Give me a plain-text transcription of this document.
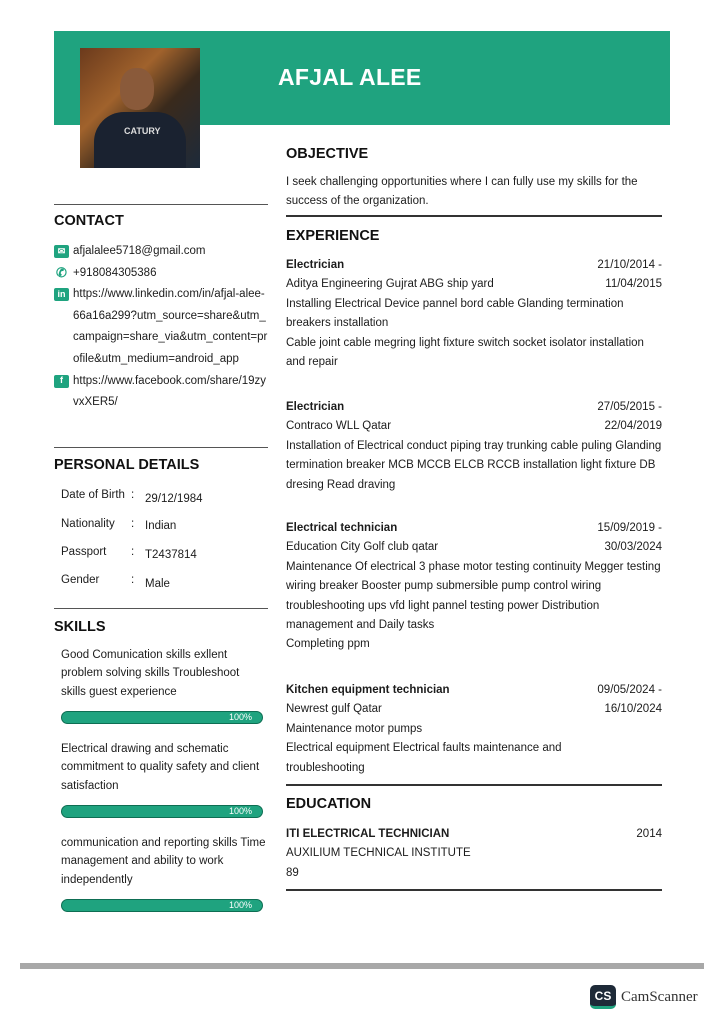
AFJAL ALEE
CATURY
CONTACT
✉ afjalalee5718@gmail.com
✆ +918084305386
in https://www.linkedin.com/in/afjal-alee-66a16a299?utm_source=share&utm_campaign=share_via&utm_content=profile&utm_medium=android_app
f https://www.facebook.com/share/19zyvxXER5/
PERSONAL DETAILS
Date of Birth : 29/12/1984
Nationality	: Indian
Passport	: T2437814
Gender	: Male
SKILLS
Good Comunication skills exllent problem solving skills Troubleshoot skills guest experience
100%
Electrical drawing and schematic commitment to quality safety and client satisfaction
100%
communication and reporting skills Time management and ability to work independently
100%
OBJECTIVE
I seek challenging opportunities where I can fully use my skills for the success of the organization.
EXPERIENCE
Electrician	21/10/2014 -
Aditya Engineering Gujrat ABG ship yard	11/04/2015
Installing Electrical Device pannel bord cable Glanding termination breakers installation
Cable joint cable megring light fixture switch socket isolator installation and repair
Electrician	27/05/2015 -
Contraco WLL Qatar	22/04/2019
Installation of Electrical conduct piping tray trunking cable puling Glanding termination breaker MCB MCCB ELCB RCCB installation light fixture DB dresing Read draving
Electrical technician	15/09/2019 -
Education City Golf club qatar	30/03/2024
Maintenance Of electrical 3 phase motor testing continuity Megger testing wiring breaker Booster pump submersible pump control wiring troubleshooting ups vfd light pannel testing power Distribution management and Daily tasks
Completing ppm
Kitchen equipment technician	09/05/2024 -
Newrest gulf Qatar	16/10/2024
Maintenance motor pumps
Electrical equipment Electrical faults maintenance and troubleshooting
EDUCATION
ITI ELECTRICAL TECHNICIAN	2014
AUXILIUM TECHNICAL INSTITUTE
89
CS CamScanner
